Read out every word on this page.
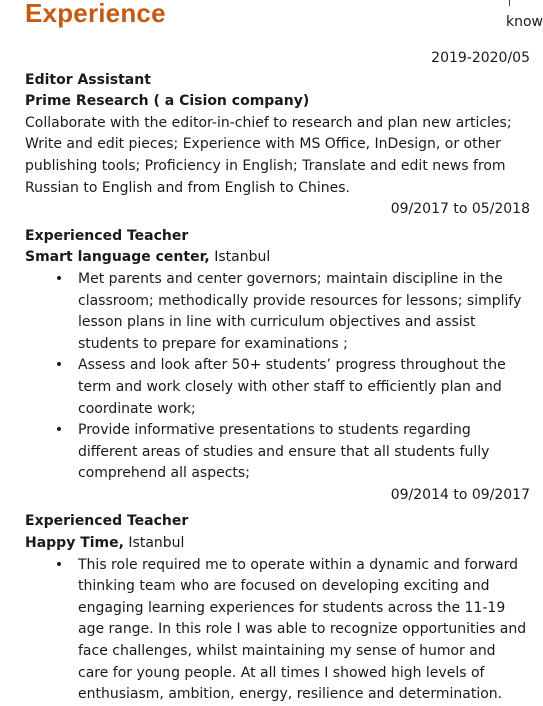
Experience	know
2019-2020/05
Editor Assistant
Prime Research ( a Cision company)

Collaborate with the editor-in-chief to research and plan new articles; Write and edit pieces; Experience with MS Office, InDesign, or other publishing tools; Proficiency in English; Translate and edit news from Russian to English and from English to Chines.

09/2017 to 05/2018
Experienced Teacher
Smart language center, Istanbul
• Met parents and center governors; maintain discipline in the classroom; methodically provide resources for lessons; simplify lesson plans in line with curriculum objectives and assist students to prepare for examinations ;
• Assess and look after 50+ students’ progress throughout the term and work closely with other staff to efficiently plan and coordinate work;
• Provide informative presentations to students regarding different areas of studies and ensure that all students fully comprehend all aspects;
09/2014 to 09/2017
Experienced Teacher
Happy Time, Istanbul
• This role required me to operate within a dynamic and forward thinking team who are focused on developing exciting and engaging learning experiences for students across the 11-19 age range. In this role I was able to recognize opportunities and face challenges, whilst maintaining my sense of humor and care for young people. At all times I showed high levels of enthusiasm, ambition, energy, resilience and determination.
